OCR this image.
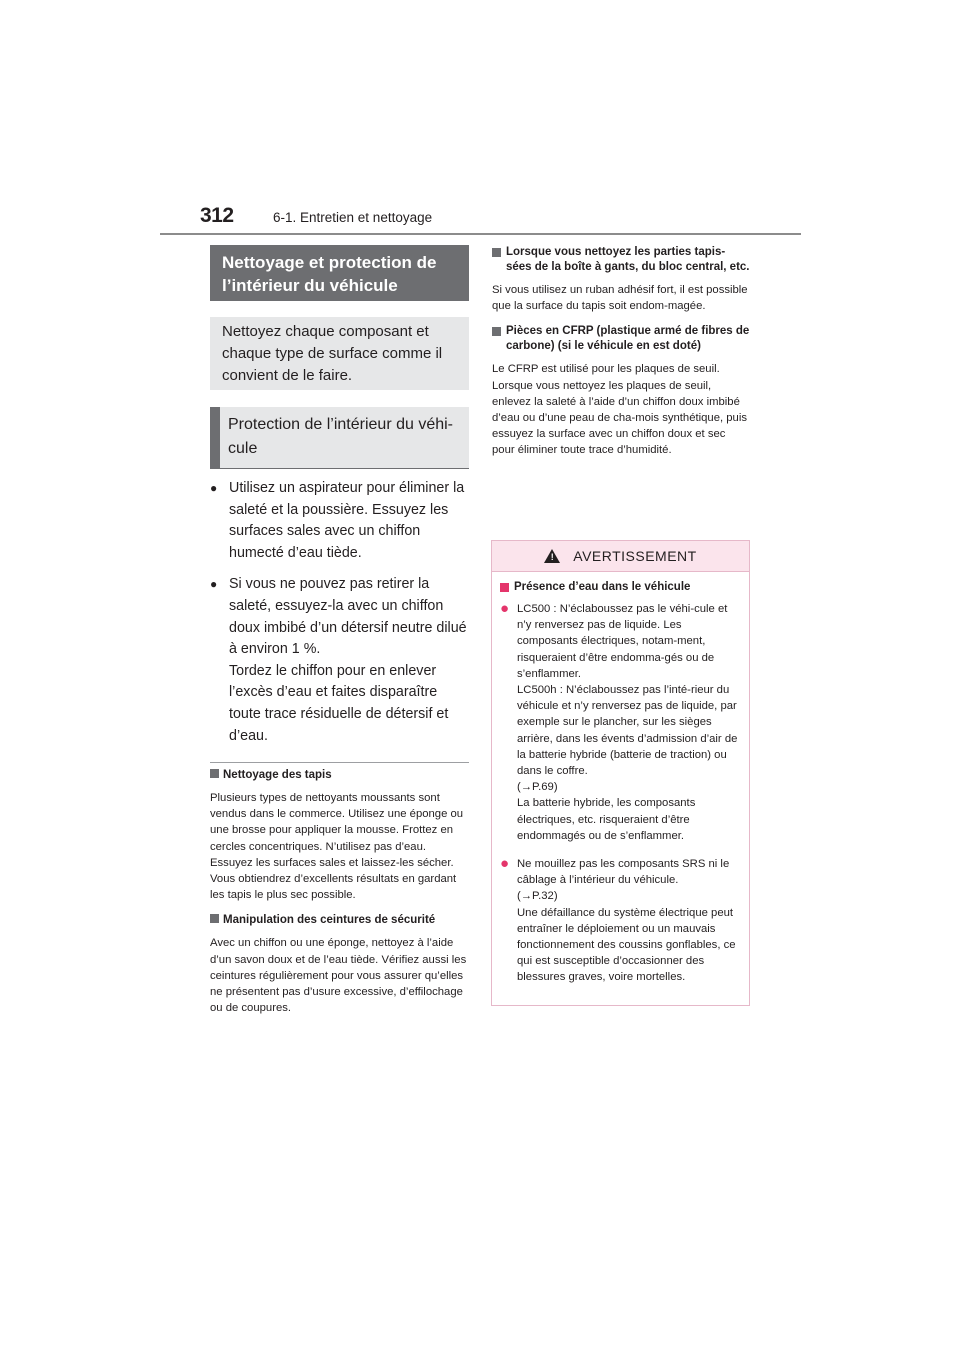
312	6-1. Entretien et nettoyage
Nettoyage et protection de l’intérieur du véhicule
Nettoyez chaque composant et chaque type de surface comme il convient de le faire.
Protection de l’intérieur du véhi-cule
● Utilisez un aspirateur pour éliminer la saleté et la poussière. Essuyez les surfaces sales avec un chiffon humecté d’eau tiède.
● Si vous ne pouvez pas retirer la saleté, essuyez-la avec un chiffon doux imbibé d’un détersif neutre dilué à environ 1 %.
Tordez le chiffon pour en enlever l’excès d’eau et faites disparaître toute trace résiduelle de détersif et d’eau.
Nettoyage des tapis
Plusieurs types de nettoyants moussants sont vendus dans le commerce. Utilisez une éponge ou une brosse pour appliquer la mousse. Frottez en cercles concentriques. N’utilisez pas d’eau. Essuyez les surfaces sales et laissez-les sécher. Vous obtiendrez d’excellents résultats en gardant les tapis le plus sec possible.
Manipulation des ceintures de sécurité
Avec un chiffon ou une éponge, nettoyez à l’aide d’un savon doux et de l’eau tiède. Vérifiez aussi les ceintures régulièrement pour vous assurer qu’elles ne présentent pas d’usure excessive, d’effilochage ou de coupures.
Lorsque vous nettoyez les parties tapis-sées de la boîte à gants, du bloc central, etc.
Si vous utilisez un ruban adhésif fort, il est possible que la surface du tapis soit endom-magée.
Pièces en CFRP (plastique armé de fibres de carbone) (si le véhicule en est doté)
Le CFRP est utilisé pour les plaques de seuil. Lorsque vous nettoyez les plaques de seuil, enlevez la saleté à l’aide d’un chiffon doux imbibé d’eau ou d’une peau de cha-mois synthétique, puis essuyez la surface avec un chiffon doux et sec pour éliminer toute trace d’humidité.
! AVERTISSEMENT
Présence d’eau dans le véhicule
● LC500 : N’éclaboussez pas le véhi-cule et n’y renversez pas de liquide. Les composants électriques, notam-ment, risqueraient d’être endomma-gés ou de s’enflammer.
LC500h : N’éclaboussez pas l’inté-rieur du véhicule et n’y renversez pas de liquide, par exemple sur le plancher, sur les sièges arrière, dans les évents d’admission d’air de la batterie hybride (batterie de traction) ou dans le coffre.
(→P.69)
La batterie hybride, les composants électriques, etc. risqueraient d’être endommagés ou de s’enflammer.
● Ne mouillez pas les composants SRS ni le câblage à l’intérieur du véhicule.
(→P.32)
Une défaillance du système électrique peut entraîner le déploiement ou un mauvais fonctionnement des coussins gonflables, ce qui est susceptible d’occasionner des blessures graves, voire mortelles.
